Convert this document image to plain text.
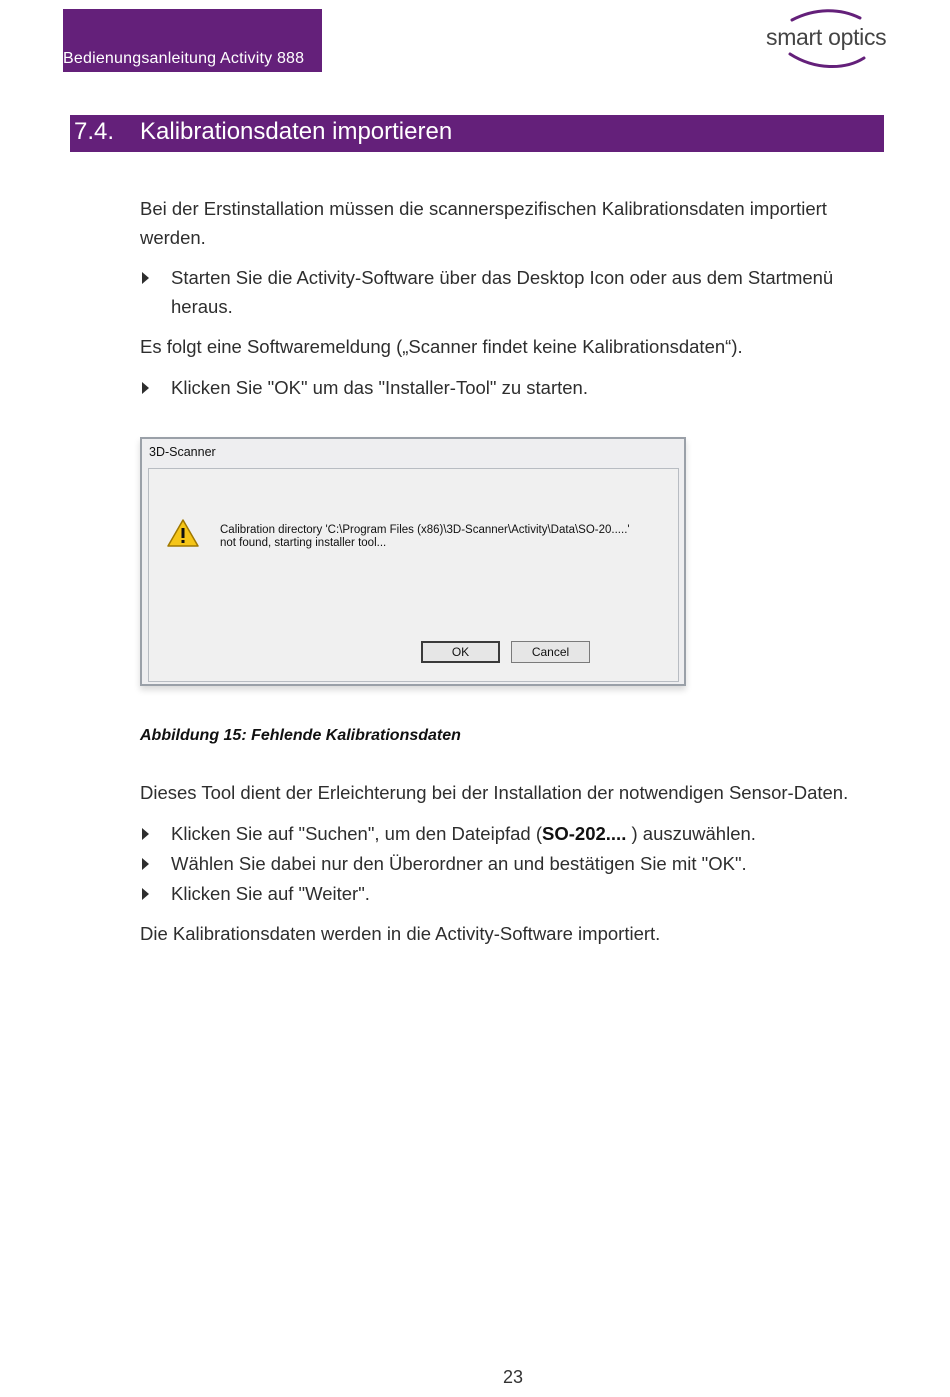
Bedienungsanleitung Activity 888
smart optics
7.4. Kalibrationsdaten importieren
Bei der Erstinstallation müssen die scannerspezifischen Kalibrationsdaten importiert werden.
Starten Sie die Activity-Software über das Desktop Icon oder aus dem Startmenü heraus.
Es folgt eine Softwaremeldung („Scanner findet keine Kalibrationsdaten“).
Klicken Sie "OK" um das "Installer-Tool" zu starten.
3D-Scanner
Calibration directory 'C:\Program Files (x86)\3D-Scanner\Activity\Data\SO-20.....'
not found, starting installer tool...
OK	Cancel
Abbildung 15: Fehlende Kalibrationsdaten
Dieses Tool dient der Erleichterung bei der Installation der notwendigen Sensor-Daten.
Klicken Sie auf "Suchen", um den Dateipfad (SO-202.... ) auszuwählen.
Wählen Sie dabei nur den Überordner an und bestätigen Sie mit "OK".
Klicken Sie auf "Weiter".
Die Kalibrationsdaten werden in die Activity-Software importiert.
23
